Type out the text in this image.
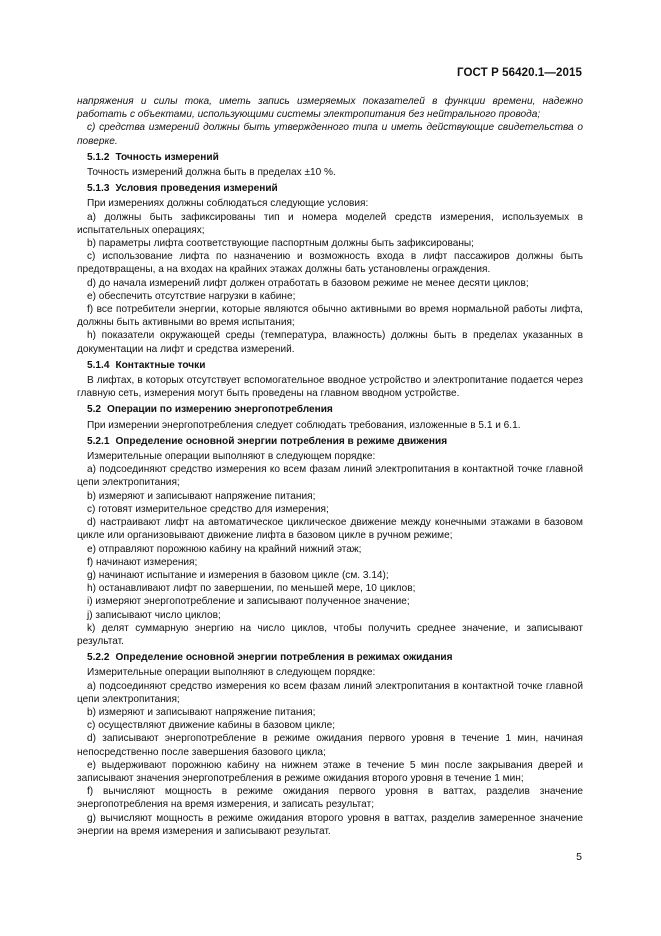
ГОСТ Р 56420.1—2015

напряжения и силы тока, иметь запись измеряемых показателей в функции времени, надежно работать с объектами, использующими системы электропитания без нейтрального провода;

c) средства измерений должны быть утвержденного типа и иметь действующие свидетельства о поверке.

5.1.2 Точность измерений

Точность измерений должна быть в пределах ±10 %.

5.1.3 Условия проведения измерений

При измерениях должны соблюдаться следующие условия:

a) должны быть зафиксированы тип и номера моделей средств измерения, используемых в испытательных операциях;

b) параметры лифта соответствующие паспортным должны быть зафиксированы;

c) использование лифта по назначению и возможность входа в лифт пассажиров должны быть предотвращены, а на входах на крайних этажах должны бать установлены ограждения.

d) до начала измерений лифт должен отработать в базовом режиме не менее десяти циклов;

e) обеспечить отсутствие нагрузки в кабине;

f) все потребители энергии, которые являются обычно активными во время нормальной работы лифта, должны быть активными во время испытания;

h) показатели окружающей среды (температура, влажность) должны быть в пределах указанных в документации на лифт и средства измерений.

5.1.4 Контактные точки

В лифтах, в которых отсутствует вспомогательное вводное устройство и электропитание подается через главную сеть, измерения могут быть проведены на главном вводном устройстве.

5.2 Операции по измерению энергопотребления

При измерении энергопотребления следует соблюдать требования, изложенные в 5.1 и 6.1.

5.2.1 Определение основной энергии потребления в режиме движения

Измерительные операции выполняют в следующем порядке:

a) подсоединяют средство измерения ко всем фазам линий электропитания в контактной точке главной цепи электропитания;

b) измеряют и записывают напряжение питания;

c) готовят измерительное средство для измерения;

d) настраивают лифт на автоматическое циклическое движение между конечными этажами в базовом цикле или организовывают движение лифта в базовом цикле в ручном режиме;

e) отправляют порожнюю кабину на крайний нижний этаж;

f) начинают измерения;

g) начинают испытание и измерения в базовом цикле (см. 3.14);

h) останавливают лифт по завершении, по меньшей мере, 10 циклов;

i) измеряют энергопотребление и записывают полученное значение;

j) записывают число циклов;

k) делят суммарную энергию на число циклов, чтобы получить среднее значение, и записывают результат.

5.2.2 Определение основной энергии потребления в режимах ожидания

Измерительные операции выполняют в следующем порядке:

a) подсоединяют средство измерения ко всем фазам линий электропитания в контактной точке главной цепи электропитания;

b) измеряют и записывают напряжение питания;

c) осуществляют движение кабины в базовом цикле;

d) записывают энергопотребление в режиме ожидания первого уровня в течение 1 мин, начиная непосредственно после завершения базового цикла;

e) выдерживают порожнюю кабину на нижнем этаже в течение 5 мин после закрывания дверей и записывают значения энергопотребления в режиме ожидания второго уровня в течение 1 мин;

f) вычисляют мощность в режиме ожидания первого уровня в ваттах, разделив значение энергопотребления на время измерения, и записать результат;

g) вычисляют мощность в режиме ожидания второго уровня в ваттах, разделив замеренное значение энергии на время измерения и записывают результат.

5
